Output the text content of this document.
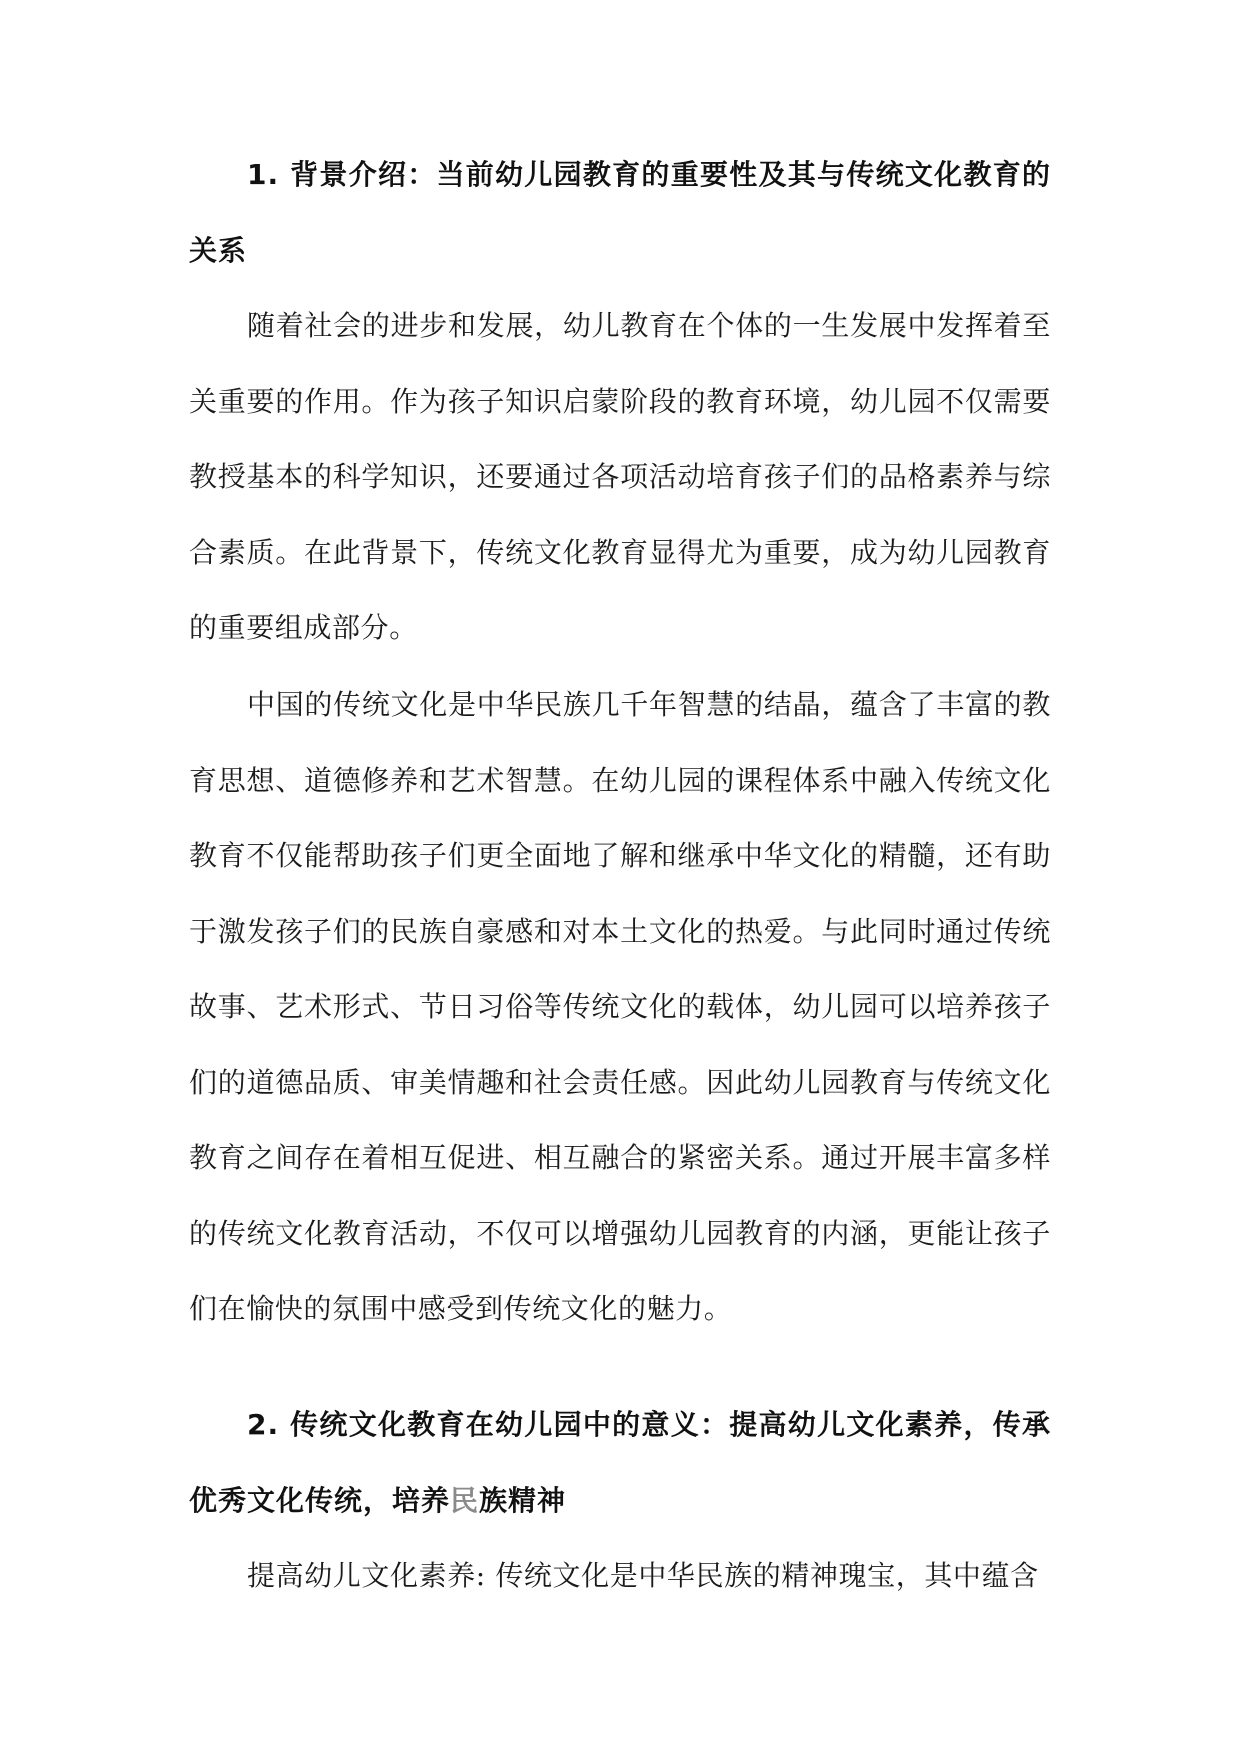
1. 背景介绍：当前幼儿园教育的重要性及其与传统文化教育的关系

随着社会的进步和发展，幼儿教育在个体的一生发展中发挥着至关重要的作用。作为孩子知识启蒙阶段的教育环境，幼儿园不仅需要教授基本的科学知识，还要通过各项活动培育孩子们的品格素养与综合素质。在此背景下，传统文化教育显得尤为重要，成为幼儿园教育的重要组成部分。

中国的传统文化是中华民族几千年智慧的结晶，蕴含了丰富的教育思想、道德修养和艺术智慧。在幼儿园的课程体系中融入传统文化教育不仅能帮助孩子们更全面地了解和继承中华文化的精髓，还有助于激发孩子们的民族自豪感和对本土文化的热爱。与此同时通过传统故事、艺术形式、节日习俗等传统文化的载体，幼儿园可以培养孩子们的道德品质、审美情趣和社会责任感。因此幼儿园教育与传统文化教育之间存在着相互促进、相互融合的紧密关系。通过开展丰富多样的传统文化教育活动，不仅可以增强幼儿园教育的内涵，更能让孩子们在愉快的氛围中感受到传统文化的魅力。

2. 传统文化教育在幼儿园中的意义：提高幼儿文化素养，传承优秀文化传统，培养民族精神

提高幼儿文化素养: 传统文化是中华民族的精神瑰宝，其中蕴含
